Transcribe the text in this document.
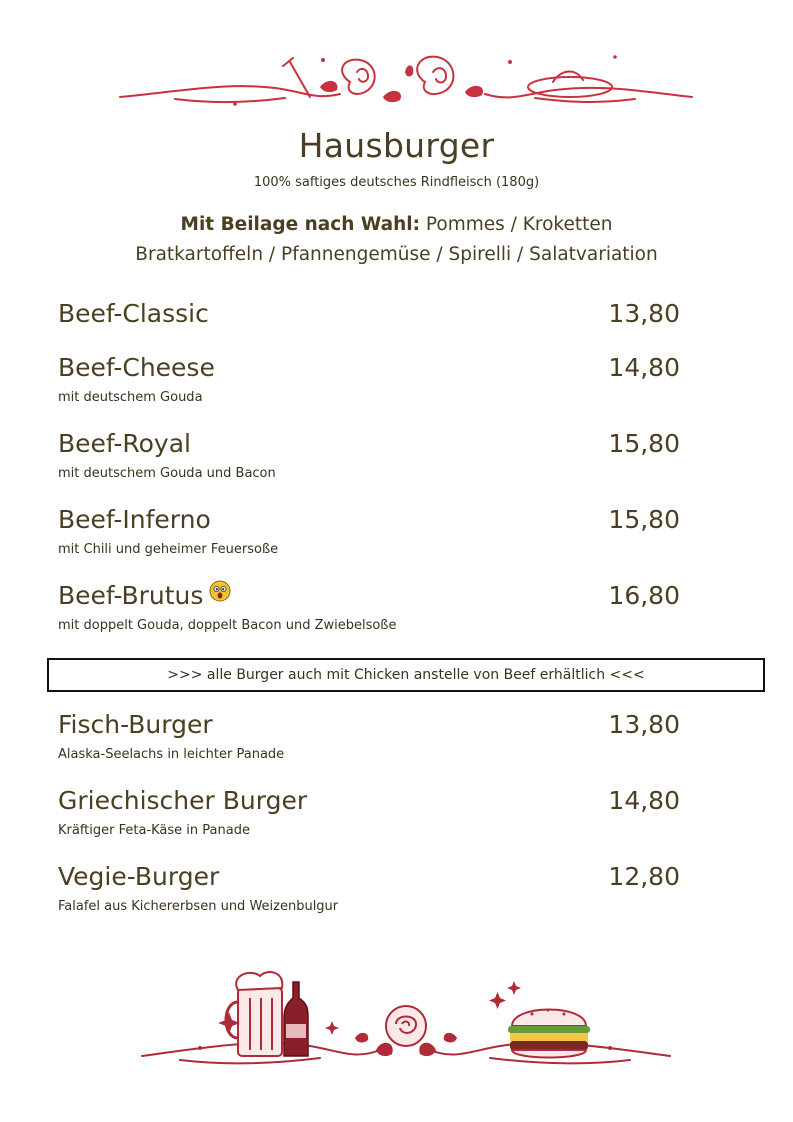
Hausburger
100% saftiges deutsches Rindfleisch (180g)
Mit Beilage nach Wahl: Pommes / Kroketten
Bratkartoffeln / Pfannengemüse / Spirelli / Salatvariation
Beef-Classic	13,80
Beef-Cheese	14,80
mit deutschem Gouda
Beef-Royal	15,80
mit deutschem Gouda und Bacon
Beef-Inferno	15,80
mit Chili und geheimer Feuersoße
Beef-Brutus	16,80
mit doppelt Gouda, doppelt Bacon und Zwiebelsoße
>>> alle Burger auch mit Chicken anstelle von Beef erhältlich <<<
Fisch-Burger	13,80
Alaska-Seelachs in leichter Panade
Griechischer Burger	14,80
Kräftiger Feta-Käse in Panade
Vegie-Burger	12,80
Falafel aus Kichererbsen und Weizenbulgur
